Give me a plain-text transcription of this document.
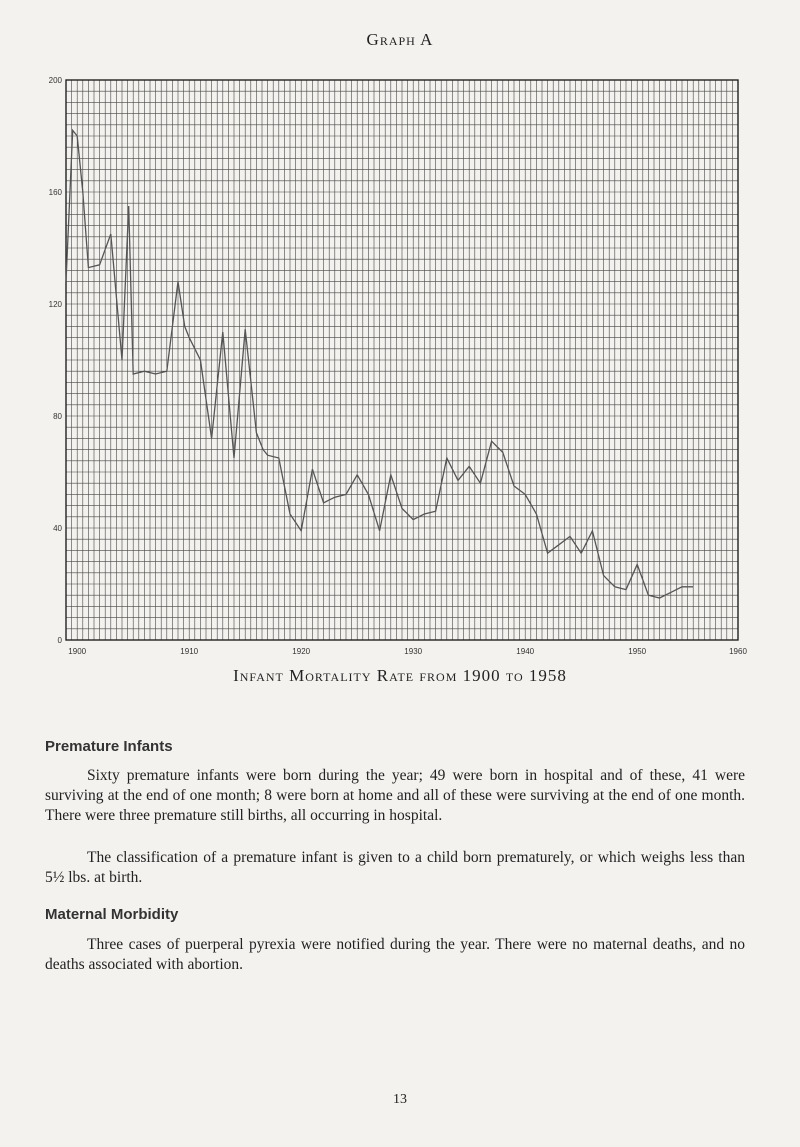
Graph A
0
40
80
120
160
200
1900	1910	1920	1930	1940	1950	1960
Infant Mortality Rate from 1900 to 1958
Premature Infants

Sixty premature infants were born during the year; 49 were born in hospital and of these, 41 were surviving at the end of one month; 8 were born at home and all of these were surviving at the end of one month. There were three premature still births, all occurring in hospital.

The classification of a premature infant is given to a child born prematurely, or which weighs less than 5½ lbs. at birth.

Maternal Morbidity

Three cases of puerperal pyrexia were notified during the year. There were no maternal deaths, and no deaths associated with abortion.

13
